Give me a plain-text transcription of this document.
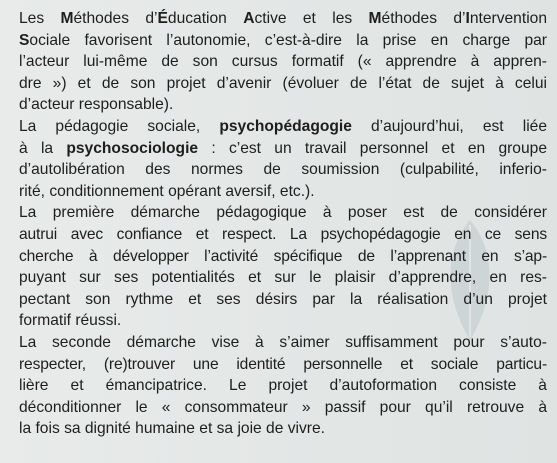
Les Méthodes d’Éducation Active et les Méthodes d’Intervention
Sociale favorisent l’autonomie, c’est-à-dire la prise en charge par
l’acteur lui-même de son cursus formatif (« apprendre à appren-
dre ») et de son projet d’avenir (évoluer de l’état de sujet à celui
d’acteur responsable).

La pédagogie sociale, psychopédagogie d’aujourd’hui, est liée
à la psychosociologie : c’est un travail personnel et en groupe
d’autolibération des normes de soumission (culpabilité, inferio-
rité, conditionnement opérant aversif, etc.).

La première démarche pédagogique à poser est de considérer
autrui avec confiance et respect. La psychopédagogie en ce sens
cherche à développer l’activité spécifique de l’apprenant en s’ap-
puyant sur ses potentialités et sur le plaisir d’apprendre, en res-
pectant son rythme et ses désirs par la réalisation d’un projet
formatif réussi.

La seconde démarche vise à s’aimer suffisamment pour s’auto-
respecter, (re)trouver une identité personnelle et sociale particu-
lière et émancipatrice. Le projet d’autoformation consiste à
déconditionner le « consommateur » passif pour qu’il retrouve à
la fois sa dignité humaine et sa joie de vivre.
